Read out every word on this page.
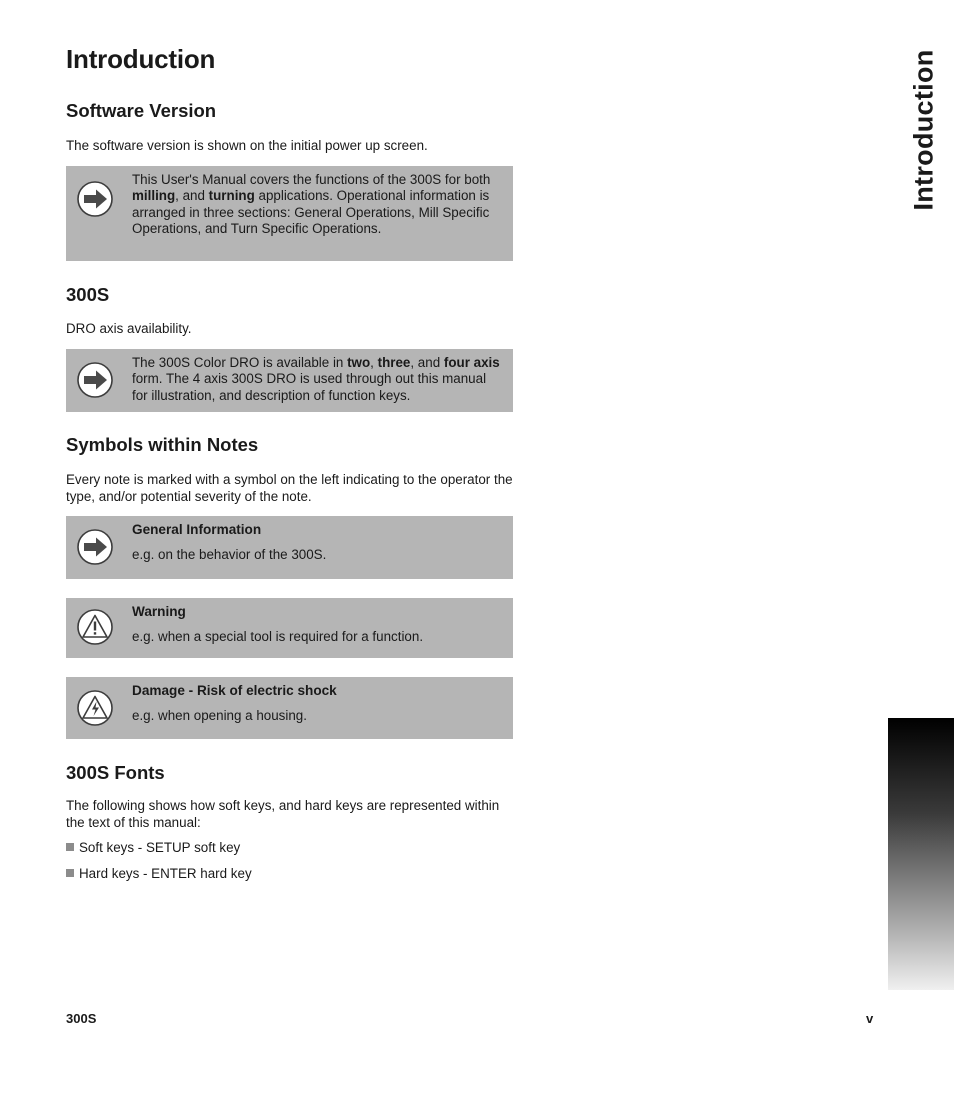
Introduction
Software Version

The software version is shown on the initial power up screen.

This User's Manual covers the functions of the 300S for both milling, and turning applications. Operational information is arranged in three sections: General Operations, Mill Specific Operations, and Turn Specific Operations.
300S

DRO axis availability.

The 300S Color DRO is available in two, three, and four axis form. The 4 axis 300S DRO is used through out this manual for illustration, and description of function keys.
Symbols within Notes

Every note is marked with a symbol on the left indicating to the operator the type, and/or potential severity of the note.

General Information
e.g. on the behavior of the 300S.
Warning
e.g. when a special tool is required for a function.
Damage - Risk of electric shock
e.g. when opening a housing.
300S Fonts

The following shows how soft keys, and hard keys are represented within the text of this manual:

Soft keys - SETUP soft key
Hard keys - ENTER hard key
Introduction
300S	v
